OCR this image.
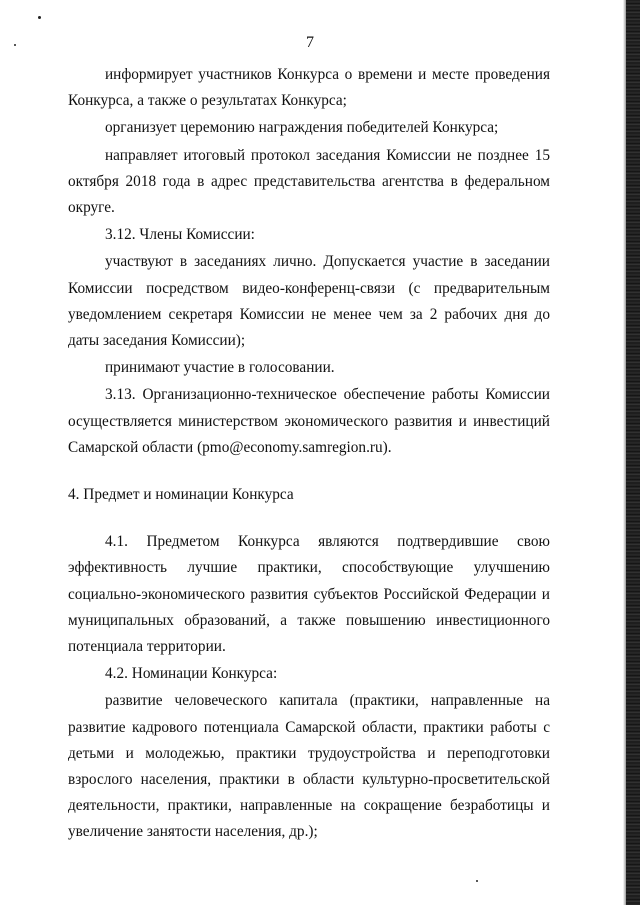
7

информирует участников Конкурса о времени и месте проведения Конкурса, а также о результатах Конкурса;

организует церемонию награждения победителей Конкурса;

направляет итоговый протокол заседания Комиссии не позднее 15 октября 2018 года в адрес представительства агентства в федеральном округе.

3.12. Члены Комиссии:

участвуют в заседаниях лично. Допускается участие в заседании Комиссии посредством видео-конференц-связи (с предварительным уведомлением секретаря Комиссии не менее чем за 2 рабочих дня до даты заседания Комиссии);

принимают участие в голосовании.

3.13. Организационно-техническое обеспечение работы Комиссии осуществляется министерством экономического развития и инвестиций Самарской области (pmo@economy.samregion.ru).

4. Предмет и номинации Конкурса

4.1. Предметом Конкурса являются подтвердившие свою эффективность лучшие практики, способствующие улучшению социально-экономического развития субъектов Российской Федерации и муниципальных образований, а также повышению инвестиционного потенциала территории.

4.2. Номинации Конкурса:

развитие человеческого капитала (практики, направленные на развитие кадрового потенциала Самарской области, практики работы с детьми и молодежью, практики трудоустройства и переподготовки взрослого населения, практики в области культурно-просветительской деятельности, практики, направленные на сокращение безработицы и увеличение занятости населения, др.);
